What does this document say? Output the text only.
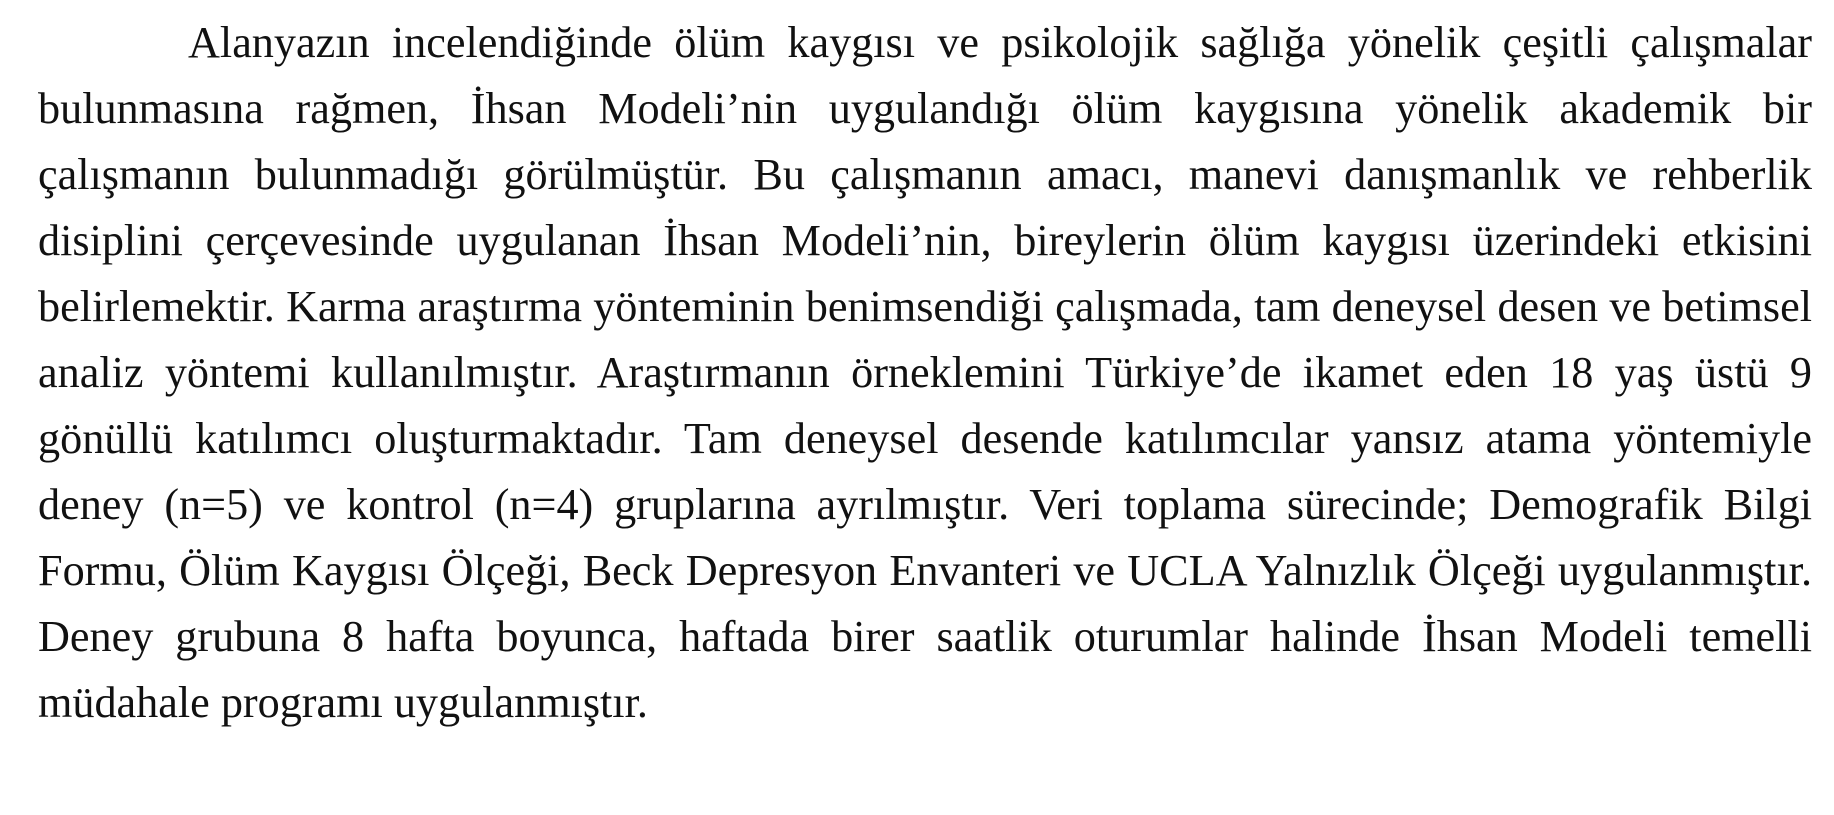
Alanyazın incelendiğinde ölüm kaygısı ve psikolojik sağlığa yönelik çeşitli çalışmalar bulunmasına rağmen, İhsan Modeli’nin uygulandığı ölüm kaygısına yönelik akademik bir çalışmanın bulunmadığı görülmüştür. Bu çalışmanın amacı, manevi danışmanlık ve rehberlik disiplini çerçevesinde uygulanan İhsan Modeli’nin, bireylerin ölüm kaygısı üzerindeki etkisini belirlemektir. Karma araştırma yönteminin benimsendiği çalışmada, tam deneysel desen ve betimsel analiz yöntemi kullanılmıştır. Araştırmanın örneklemini Türkiye’de ikamet eden 18 yaş üstü 9 gönüllü katılımcı oluşturmaktadır. Tam deneysel desende katılımcılar yansız atama yöntemiyle deney (n=5) ve kontrol (n=4) gruplarına ayrılmıştır. Veri toplama sürecinde; Demografik Bilgi Formu, Ölüm Kaygısı Ölçeği, Beck Depresyon Envanteri ve UCLA Yalnızlık Ölçeği uygulanmıştır. Deney grubuna 8 hafta boyunca, haftada birer saatlik oturumlar halinde İhsan Modeli temelli müdahale programı uygulanmıştır.
